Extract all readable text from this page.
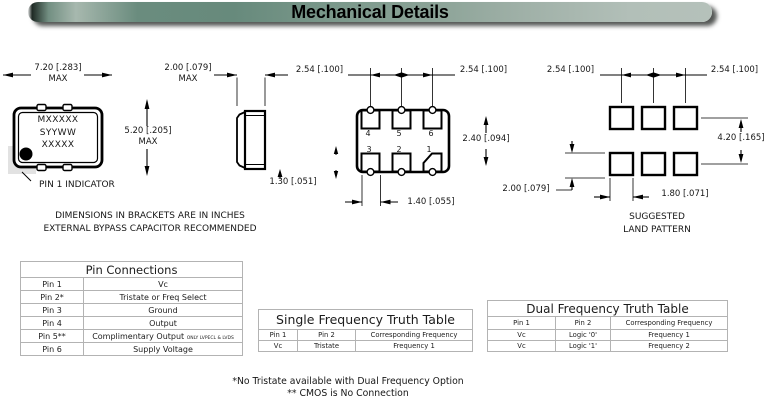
Mechanical Details
MXXXXX
SYYWW
XXXXX
PIN 1 INDICATOR
7.20 [.283]
MAX
5.20 [.205]
MAX
2.00 [.079]
MAX
1.30 [.051]
2.54 [.100]	2.54 [.100]
2.40 [.094]
1.40 [.055]
4	5	6
3	2	1
2.54 [.100]	2.54 [.100]
4.20 [.165]
2.00 [.079]	1.80 [.071]
SUGGESTED
LAND PATTERN
DIMENSIONS IN BRACKETS ARE IN INCHES
EXTERNAL BYPASS CAPACITOR RECOMMENDED
Pin Connections	
Pin 1	Vc
Pin 2*	Tristate or Freq Select
Pin 3	Ground
Pin 4	Output
Pin 5**	Complimentary Output ONLY LVPECL & LVDS
Pin 6	Supply Voltage
Single Frequency Truth Table		
Pin 1	Pin 2	Corresponding Frequency
Vc	Tristate	Frequency 1
Dual Frequency Truth Table		
Pin 1	Pin 2	Corresponding Frequency
Vc	Logic '0'	Frequency 1
Vc	Logic '1'	Frequency 2
*No Tristate available with Dual Frequency Option
** CMOS is No Connection
